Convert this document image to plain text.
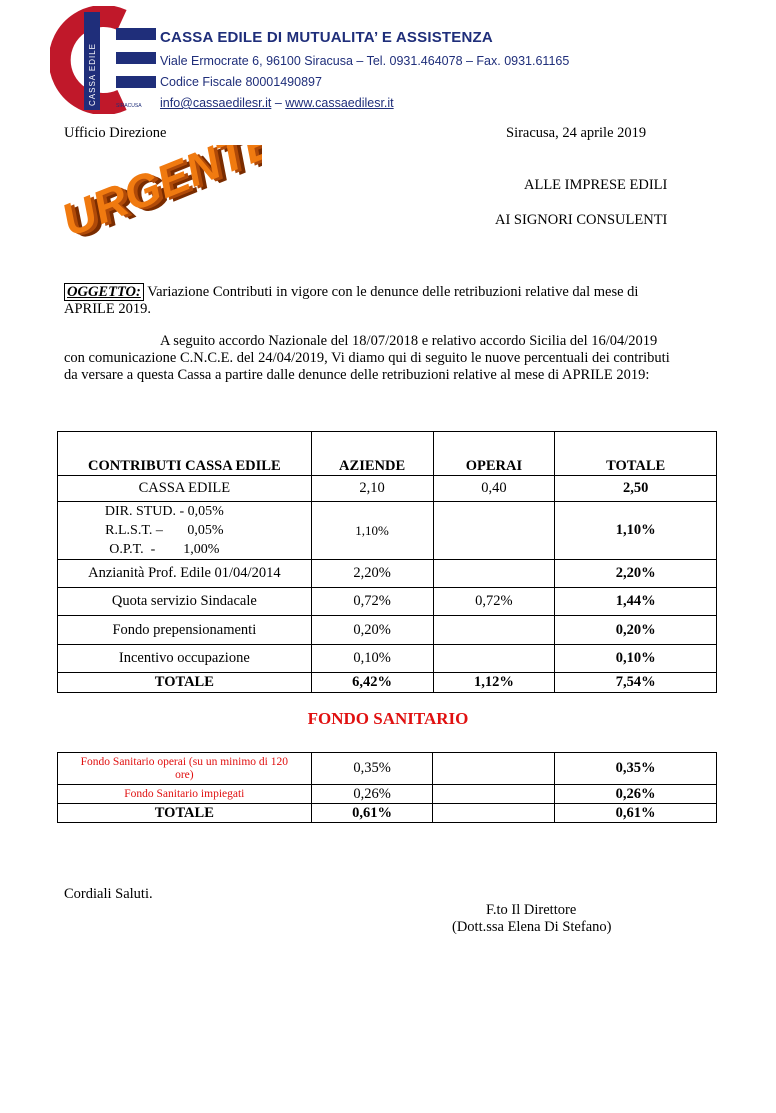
CASSA EDILE	SIRACUSA
CASSA EDILE DI MUTUALITA’ E ASSISTENZA
Viale Ermocrate 6, 96100 Siracusa – Tel. 0931.464078 – Fax. 0931.61165
Codice Fiscale 80001490897
info@cassaedilesr.it – www.cassaedilesr.it
Ufficio Direzione	Siracusa, 24 aprile 2019
URGENTE
URGENTE
URGENTE	ALLE IMPRESE EDILI
AI SIGNORI CONSULENTI
OGGETTO: Variazione Contributi in vigore con le denunce delle retribuzioni relative dal mese di APRILE 2019.
A seguito accordo Nazionale del 18/07/2018 e relativo accordo Sicilia del 16/04/2019 con comunicazione C.N.C.E. del 24/04/2019, Vi diamo qui di seguito le nuove percentuali dei contributi da versare a questa Cassa a partire dalle denunce delle retribuzioni relative al mese di APRILE 2019:
CONTRIBUTI CASSA EDILE	AZIENDE	OPERAI	TOTALE
CASSA EDILE	2,10	0,40	2,50

DIR. STUD. - 0,05%
R.L.S.T. –       0,05%
O.P.T.  -        1,00%	1,10%		1,10%
Anzianità Prof. Edile 01/04/2014	2,20%		2,20%
Quota servizio Sindacale	0,72%	0,72%	1,44%
Fondo prepensionamenti	0,20%		0,20%
Incentivo occupazione	0,10%		0,10%
TOTALE	6,42%	1,12%	7,54%
FONDO SANITARIO
Fondo Sanitario operai (su un minimo di 120 ore)	0,35%		0,35%
Fondo Sanitario impiegati	0,26%		0,26%
TOTALE	0,61%		0,61%
Cordiali Saluti.
F.to Il Direttore
(Dott.ssa Elena Di Stefano)
